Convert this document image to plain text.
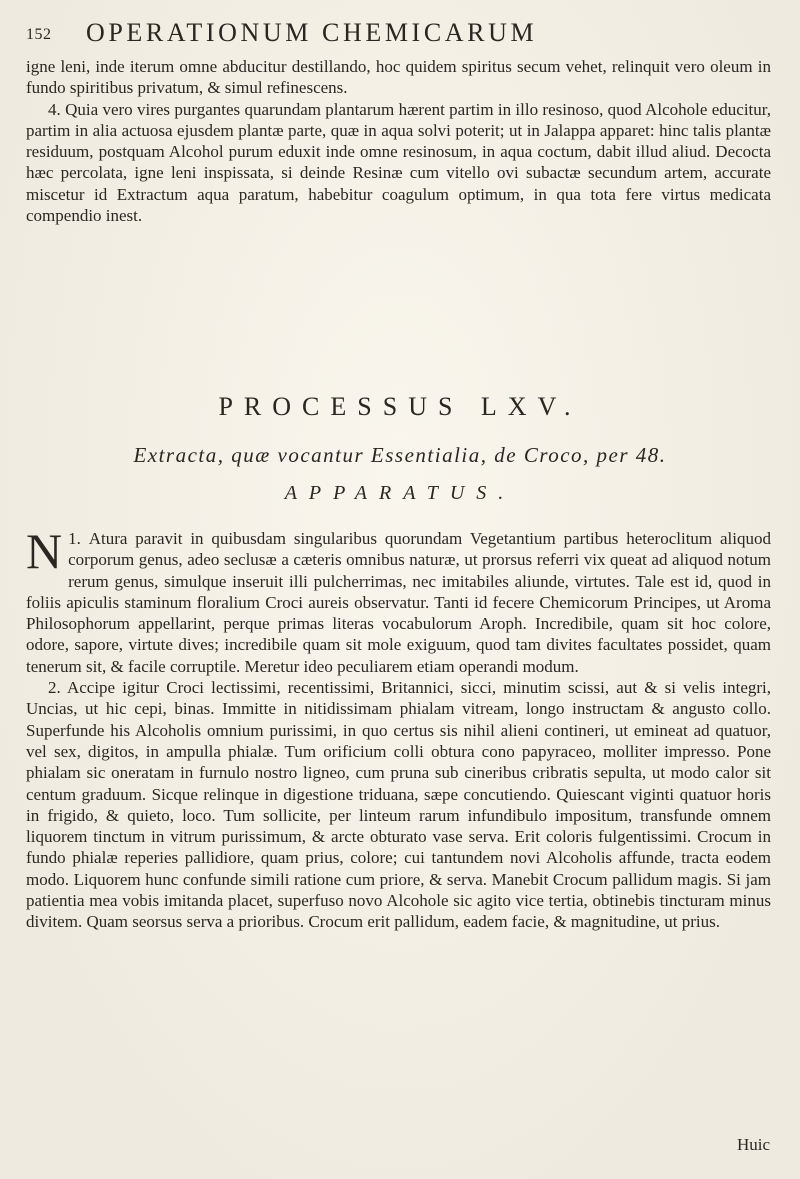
152 OPERATIONUM CHEMICARUM

igne leni, inde iterum omne abducitur destillando, hoc quidem spiritus secum vehet, relinquit vero oleum in fundo spiritibus privatum, & simul refinescens.

4. Quia vero vires purgantes quarundam plantarum hærent partim in illo resinoso, quod Alcohole educitur, partim in alia actuosa ejusdem plantæ parte, quæ in aqua solvi poterit; ut in Jalappa apparet: hinc talis plantæ residuum, postquam Alcohol purum eduxit inde omne resinosum, in aqua coctum, dabit illud aliud. Decocta hæc percolata, igne leni inspissata, si deinde Resinæ cum vitello ovi subactæ secundum artem, accurate miscetur id Extractum aqua paratum, habebitur coagulum optimum, in qua tota fere virtus medicata compendio inest.

PROCESSUS LXV.
Extracta, quæ vocantur Essentialia, de Croco, per 48.
APPARATUS.

1.
N Atura paravit in quibusdam singularibus quorundam Vegetantium partibus heteroclitum aliquod corporum genus, adeo seclusæ a cæteris omnibus naturæ, ut prorsus referri vix queat ad aliquod notum rerum genus, simulque inseruit illi pulcherrimas, nec imitabiles aliunde, virtutes. Tale est id, quod in foliis apiculis staminum floralium Croci aureis observatur. Tanti id fecere Chemicorum Principes, ut Aroma Philosophorum appellarint, perque primas literas vocabulorum Aroph. Incredibile, quam sit hoc colore, odore, sapore, virtute dives; incredibile quam sit mole exiguum, quod tam divites facultates possidet, quam tenerum sit, & facile corruptile. Meretur ideo peculiarem etiam operandi modum.

2. Accipe igitur Croci lectissimi, recentissimi, Britannici, sicci, minutim scissi, aut & si velis integri, Uncias, ut hic cepi, binas. Immitte in nitidissimam phialam vitream, longo instructam & angusto collo. Superfunde his Alcoholis omnium purissimi, in quo certus sis nihil alieni contineri, ut emineat ad quatuor, vel sex, digitos, in ampulla phialæ. Tum orificium colli obtura cono papyraceo, molliter impresso. Pone phialam sic oneratam in furnulo nostro ligneo, cum pruna sub cineribus cribratis sepulta, ut modo calor sit centum graduum. Sicque relinque in digestione triduana, sæpe concutiendo. Quiescant viginti quatuor horis in frigido, & quieto, loco. Tum sollicite, per linteum rarum infundibulo impositum, transfunde omnem liquorem tinctum in vitrum purissimum, & arcte obturato vase serva. Erit coloris fulgentissimi. Crocum in fundo phialæ reperies pallidiore, quam prius, colore; cui tantundem novi Alcoholis affunde, tracta eodem modo. Liquorem hunc confunde simili ratione cum priore, & serva. Manebit Crocum pallidum magis. Si jam patientia mea vobis imitanda placet, superfuso novo Alcohole sic agito vice tertia, obtinebis tincturam minus divitem. Quam seorsus serva a prioribus. Crocum erit pallidum, eadem facie, & magnitudine, ut prius.

Huic
